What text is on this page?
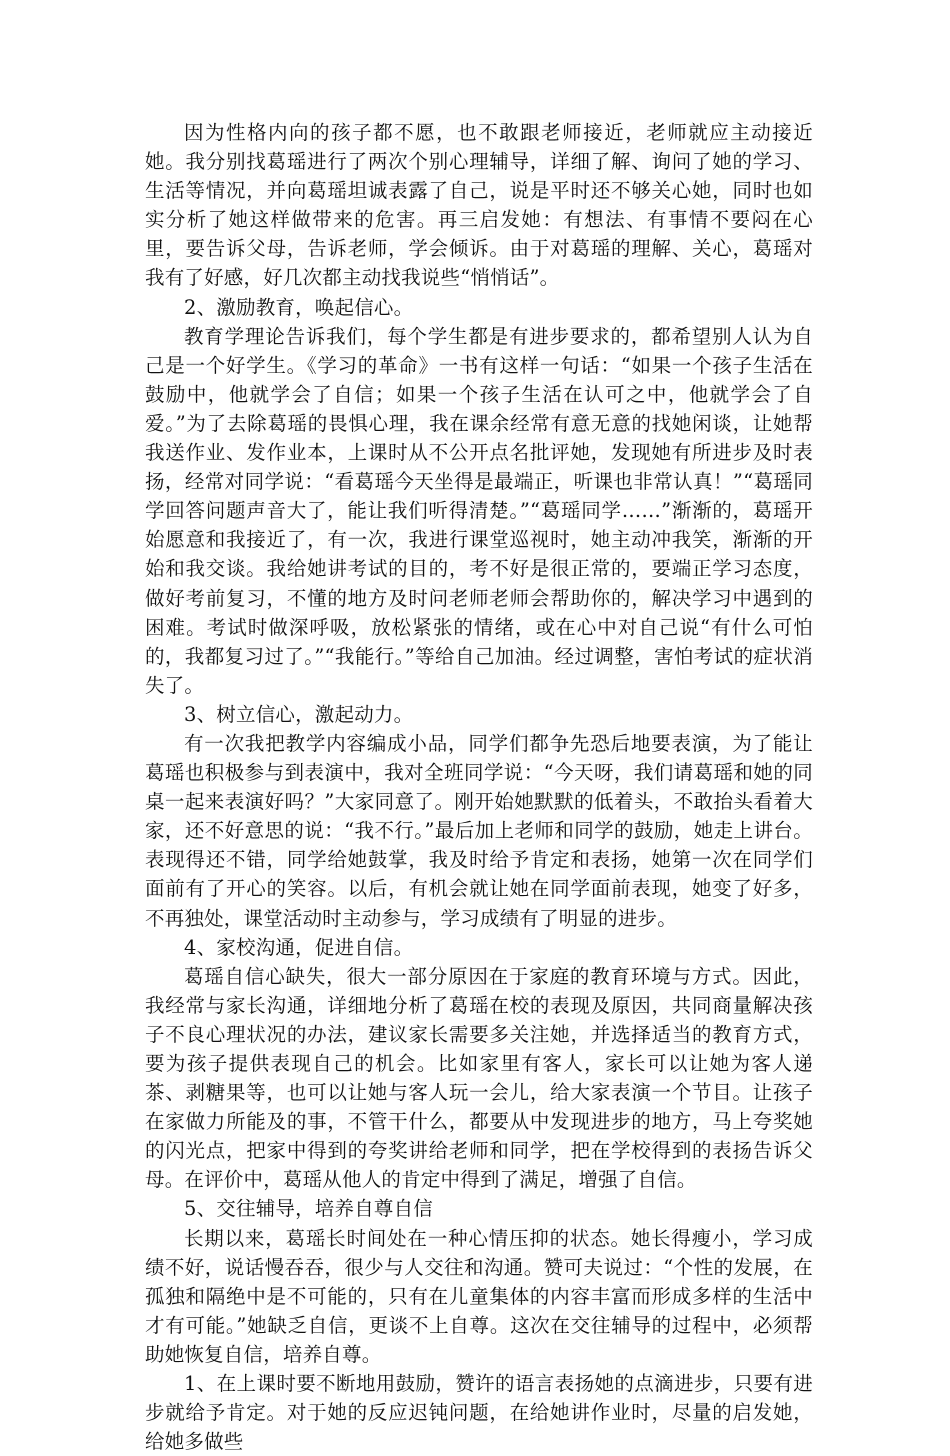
因为性格内向的孩子都不愿，也不敢跟老师接近，老师就应主动接近她。我分别找葛瑶进行了两次个别心理辅导，详细了解、询问了她的学习、生活等情况，并向葛瑶坦诚表露了自己，说是平时还不够关心她，同时也如实分析了她这样做带来的危害。再三启发她：有想法、有事情不要闷在心里，要告诉父母，告诉老师，学会倾诉。由于对葛瑶的理解、关心，葛瑶对我有了好感，好几次都主动找我说些“悄悄话”。

2、激励教育，唤起信心。

教育学理论告诉我们，每个学生都是有进步要求的，都希望别人认为自己是一个好学生。《学习的革命》一书有这样一句话：“如果一个孩子生活在鼓励中，他就学会了自信；如果一个孩子生活在认可之中，他就学会了自爱。”为了去除葛瑶的畏惧心理，我在课余经常有意无意的找她闲谈，让她帮我送作业、发作业本，上课时从不公开点名批评她，发现她有所进步及时表扬，经常对同学说：“看葛瑶今天坐得是最端正，听课也非常认真！”“葛瑶同学回答问题声音大了，能让我们听得清楚。”“葛瑶同学……”渐渐的，葛瑶开始愿意和我接近了，有一次，我进行课堂巡视时，她主动冲我笑，渐渐的开始和我交谈。我给她讲考试的目的，考不好是很正常的，要端正学习态度，做好考前复习，不懂的地方及时问老师老师会帮助你的，解决学习中遇到的困难。考试时做深呼吸，放松紧张的情绪，或在心中对自己说“有什么可怕的，我都复习过了。”“我能行。”等给自己加油。经过调整，害怕考试的症状消失了。

3、树立信心，激起动力。

有一次我把教学内容编成小品，同学们都争先恐后地要表演，为了能让葛瑶也积极参与到表演中，我对全班同学说：“今天呀，我们请葛瑶和她的同桌一起来表演好吗？”大家同意了。刚开始她默默的低着头，不敢抬头看着大家，还不好意思的说：“我不行。”最后加上老师和同学的鼓励，她走上讲台。表现得还不错，同学给她鼓掌，我及时给予肯定和表扬，她第一次在同学们面前有了开心的笑容。以后，有机会就让她在同学面前表现，她变了好多，不再独处，课堂活动时主动参与，学习成绩有了明显的进步。

4、家校沟通，促进自信。

葛瑶自信心缺失，很大一部分原因在于家庭的教育环境与方式。因此，我经常与家长沟通，详细地分析了葛瑶在校的表现及原因，共同商量解决孩子不良心理状况的办法，建议家长需要多关注她，并选择适当的教育方式，要为孩子提供表现自己的机会。比如家里有客人，家长可以让她为客人递茶、剥糖果等，也可以让她与客人玩一会儿，给大家表演一个节目。让孩子在家做力所能及的事，不管干什么，都要从中发现进步的地方，马上夸奖她的闪光点，把家中得到的夸奖讲给老师和同学，把在学校得到的表扬告诉父母。在评价中，葛瑶从他人的肯定中得到了满足，增强了自信。

5、交往辅导，培养自尊自信

长期以来，葛瑶长时间处在一种心情压抑的状态。她长得瘦小，学习成绩不好，说话慢吞吞，很少与人交往和沟通。赞可夫说过：“个性的发展，在孤独和隔绝中是不可能的，只有在儿童集体的内容丰富而形成多样的生活中才有可能。”她缺乏自信，更谈不上自尊。这次在交往辅导的过程中，必须帮助她恢复自信，培养自尊。

1、在上课时要不断地用鼓励，赞许的语言表扬她的点滴进步，只要有进步就给予肯定。对于她的反应迟钝问题，在给她讲作业时，尽量的启发她，给她多做些
